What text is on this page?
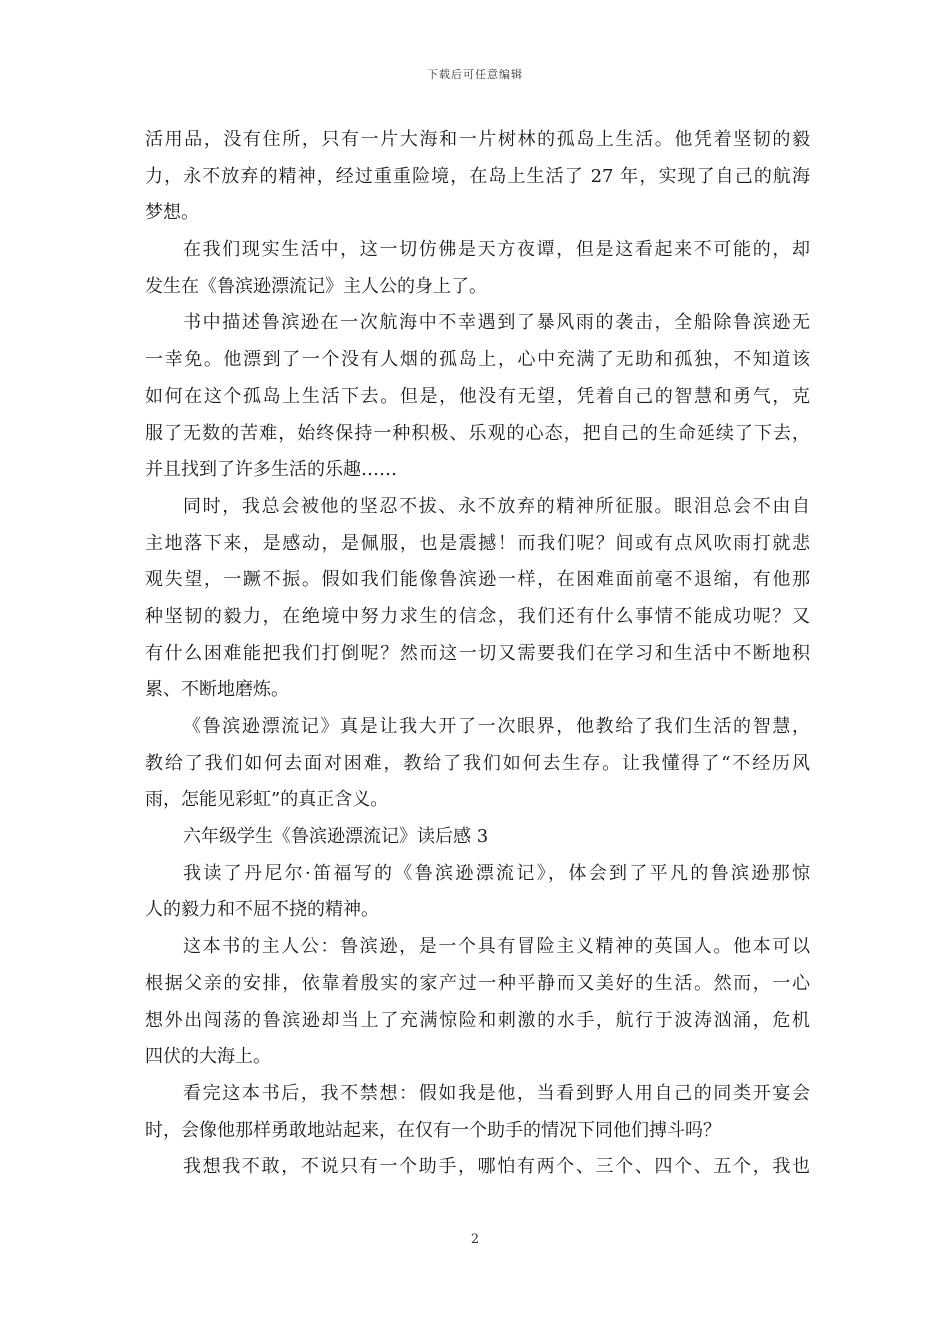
下载后可任意编辑
活用品，没有住所，只有一片大海和一片树林的孤岛上生活。他凭着坚韧的毅
力，永不放弃的精神，经过重重险境，在岛上生活了 27 年，实现了自己的航海
梦想。
在我们现实生活中，这一切仿佛是天方夜谭，但是这看起来不可能的，却
发生在《鲁滨逊漂流记》主人公的身上了。
书中描述鲁滨逊在一次航海中不幸遇到了暴风雨的袭击，全船除鲁滨逊无
一幸免。他漂到了一个没有人烟的孤岛上，心中充满了无助和孤独，不知道该
如何在这个孤岛上生活下去。但是，他没有无望，凭着自己的智慧和勇气，克
服了无数的苦难，始终保持一种积极、乐观的心态，把自己的生命延续了下去，
并且找到了许多生活的乐趣……
同时，我总会被他的坚忍不拔、永不放弃的精神所征服。眼泪总会不由自
主地落下来，是感动，是佩服，也是震撼！而我们呢？间或有点风吹雨打就悲
观失望，一蹶不振。假如我们能像鲁滨逊一样，在困难面前毫不退缩，有他那
种坚韧的毅力，在绝境中努力求生的信念，我们还有什么事情不能成功呢？又
有什么困难能把我们打倒呢？然而这一切又需要我们在学习和生活中不断地积
累、不断地磨炼。
《鲁滨逊漂流记》真是让我大开了一次眼界，他教给了我们生活的智慧，
教给了我们如何去面对困难，教给了我们如何去生存。让我懂得了“不经历风
雨，怎能见彩虹”的真正含义。
六年级学生《鲁滨逊漂流记》读后感 3
我读了丹尼尔·笛福写的《鲁滨逊漂流记》，体会到了平凡的鲁滨逊那惊
人的毅力和不屈不挠的精神。
这本书的主人公：鲁滨逊，是一个具有冒险主义精神的英国人。他本可以
根据父亲的安排，依靠着殷实的家产过一种平静而又美好的生活。然而，一心
想外出闯荡的鲁滨逊却当上了充满惊险和刺激的水手，航行于波涛汹涌，危机
四伏的大海上。
看完这本书后，我不禁想：假如我是他，当看到野人用自己的同类开宴会
时，会像他那样勇敢地站起来，在仅有一个助手的情况下同他们搏斗吗？
我想我不敢，不说只有一个助手，哪怕有两个、三个、四个、五个，我也
2
